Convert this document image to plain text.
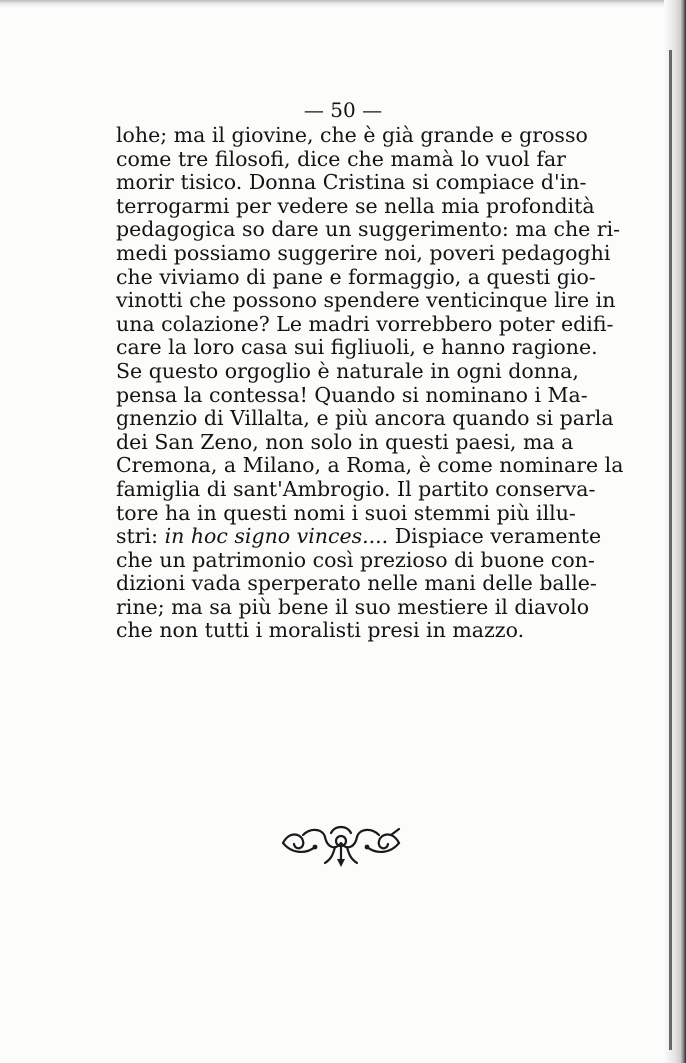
— 50 —
lohe; ma il giovine, che è già grande e grosso
come tre filosofi, dice che mamà lo vuol far
morir tisico. Donna Cristina si compiace d'in-
terrogarmi per vedere se nella mia profondità
pedagogica so dare un suggerimento: ma che ri-
medi possiamo suggerire noi, poveri pedagoghi
che viviamo di pane e formaggio, a questi gio-
vinotti che possono spendere venticinque lire in
una colazione? Le madri vorrebbero poter edifi-
care la loro casa sui figliuoli, e hanno ragione.
Se questo orgoglio è naturale in ogni donna,
pensa la contessa! Quando si nominano i Ma-
gnenzio di Villalta, e più ancora quando si parla
dei San Zeno, non solo in questi paesi, ma a
Cremona, a Milano, a Roma, è come nominare la
famiglia di sant'Ambrogio. Il partito conserva-
tore ha in questi nomi i suoi stemmi più illu-
stri: in hoc signo vinces.... Dispiace veramente
che un patrimonio così prezioso di buone con-
dizioni vada sperperato nelle mani delle balle-
rine; ma sa più bene il suo mestiere il diavolo
che non tutti i moralisti presi in mazzo.
